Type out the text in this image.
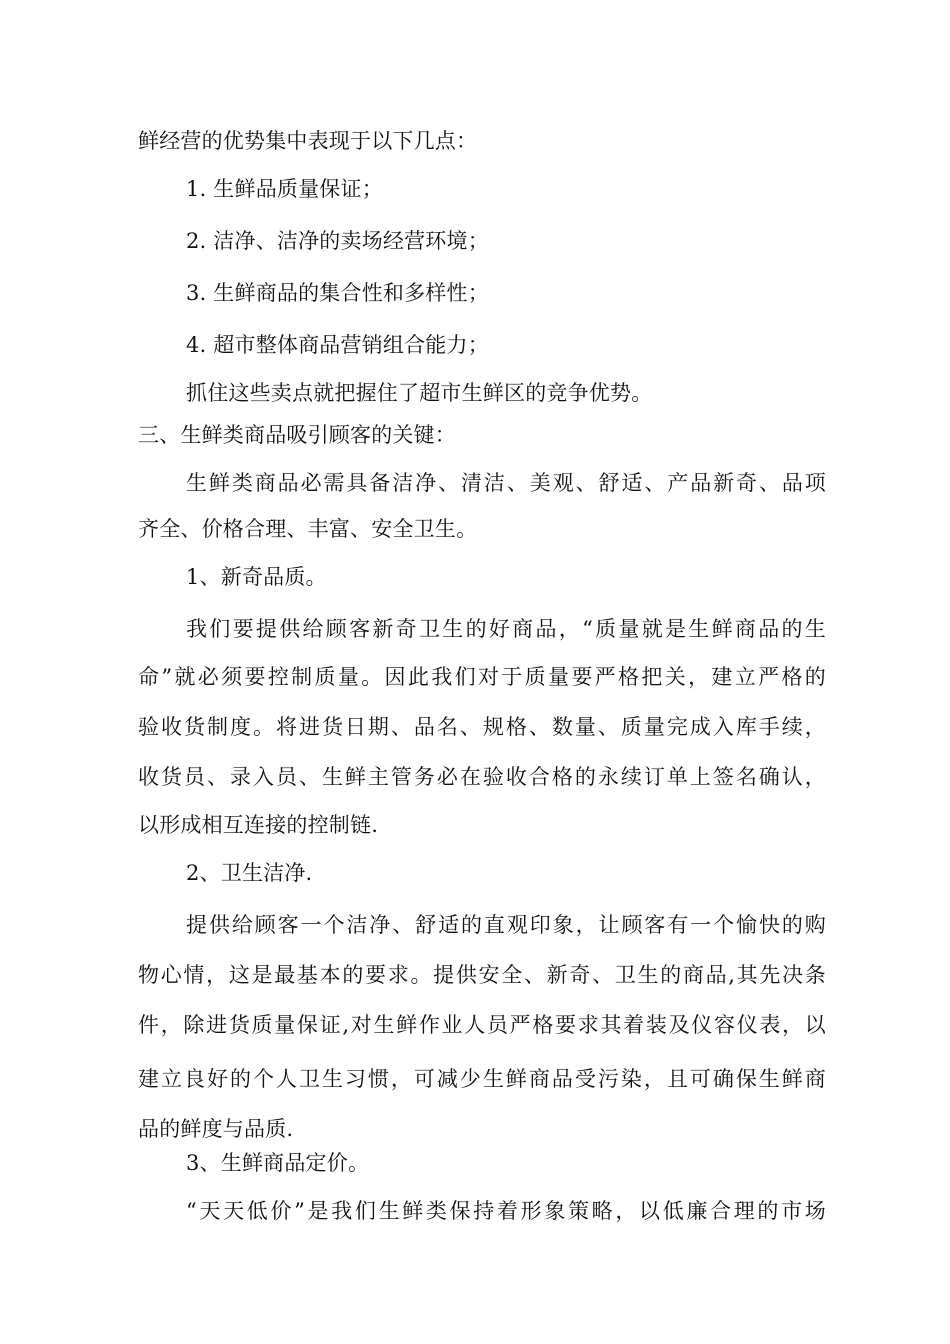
鲜经营的优势集中表现于以下几点：
1. 生鲜品质量保证；
2. 洁净、洁净的卖场经营环境；
3. 生鲜商品的集合性和多样性；
4. 超市整体商品营销组合能力；
抓住这些卖点就把握住了超市生鲜区的竞争优势。
三、生鲜类商品吸引顾客的关键：
生鲜类商品必需具备洁净、清洁、美观、舒适、产品新奇、品项
齐全、价格合理、丰富、安全卫生。
1、新奇品质。
我们要提供给顾客新奇卫生的好商品，“质量就是生鲜商品的生
命”就必须要控制质量。因此我们对于质量要严格把关，建立严格的
验收货制度。将进货日期、品名、规格、数量、质量完成入库手续，
收货员、录入员、生鲜主管务必在验收合格的永续订单上签名确认，
以形成相互连接的控制链.
2、卫生洁净.
提供给顾客一个洁净、舒适的直观印象，让顾客有一个愉快的购
物心情，这是最基本的要求。提供安全、新奇、卫生的商品,其先决条
件，除进货质量保证,对生鲜作业人员严格要求其着装及仪容仪表，以
建立良好的个人卫生习惯，可减少生鲜商品受污染，且可确保生鲜商
品的鲜度与品质.
3、生鲜商品定价。
“天天低价”是我们生鲜类保持着形象策略，以低廉合理的市场
